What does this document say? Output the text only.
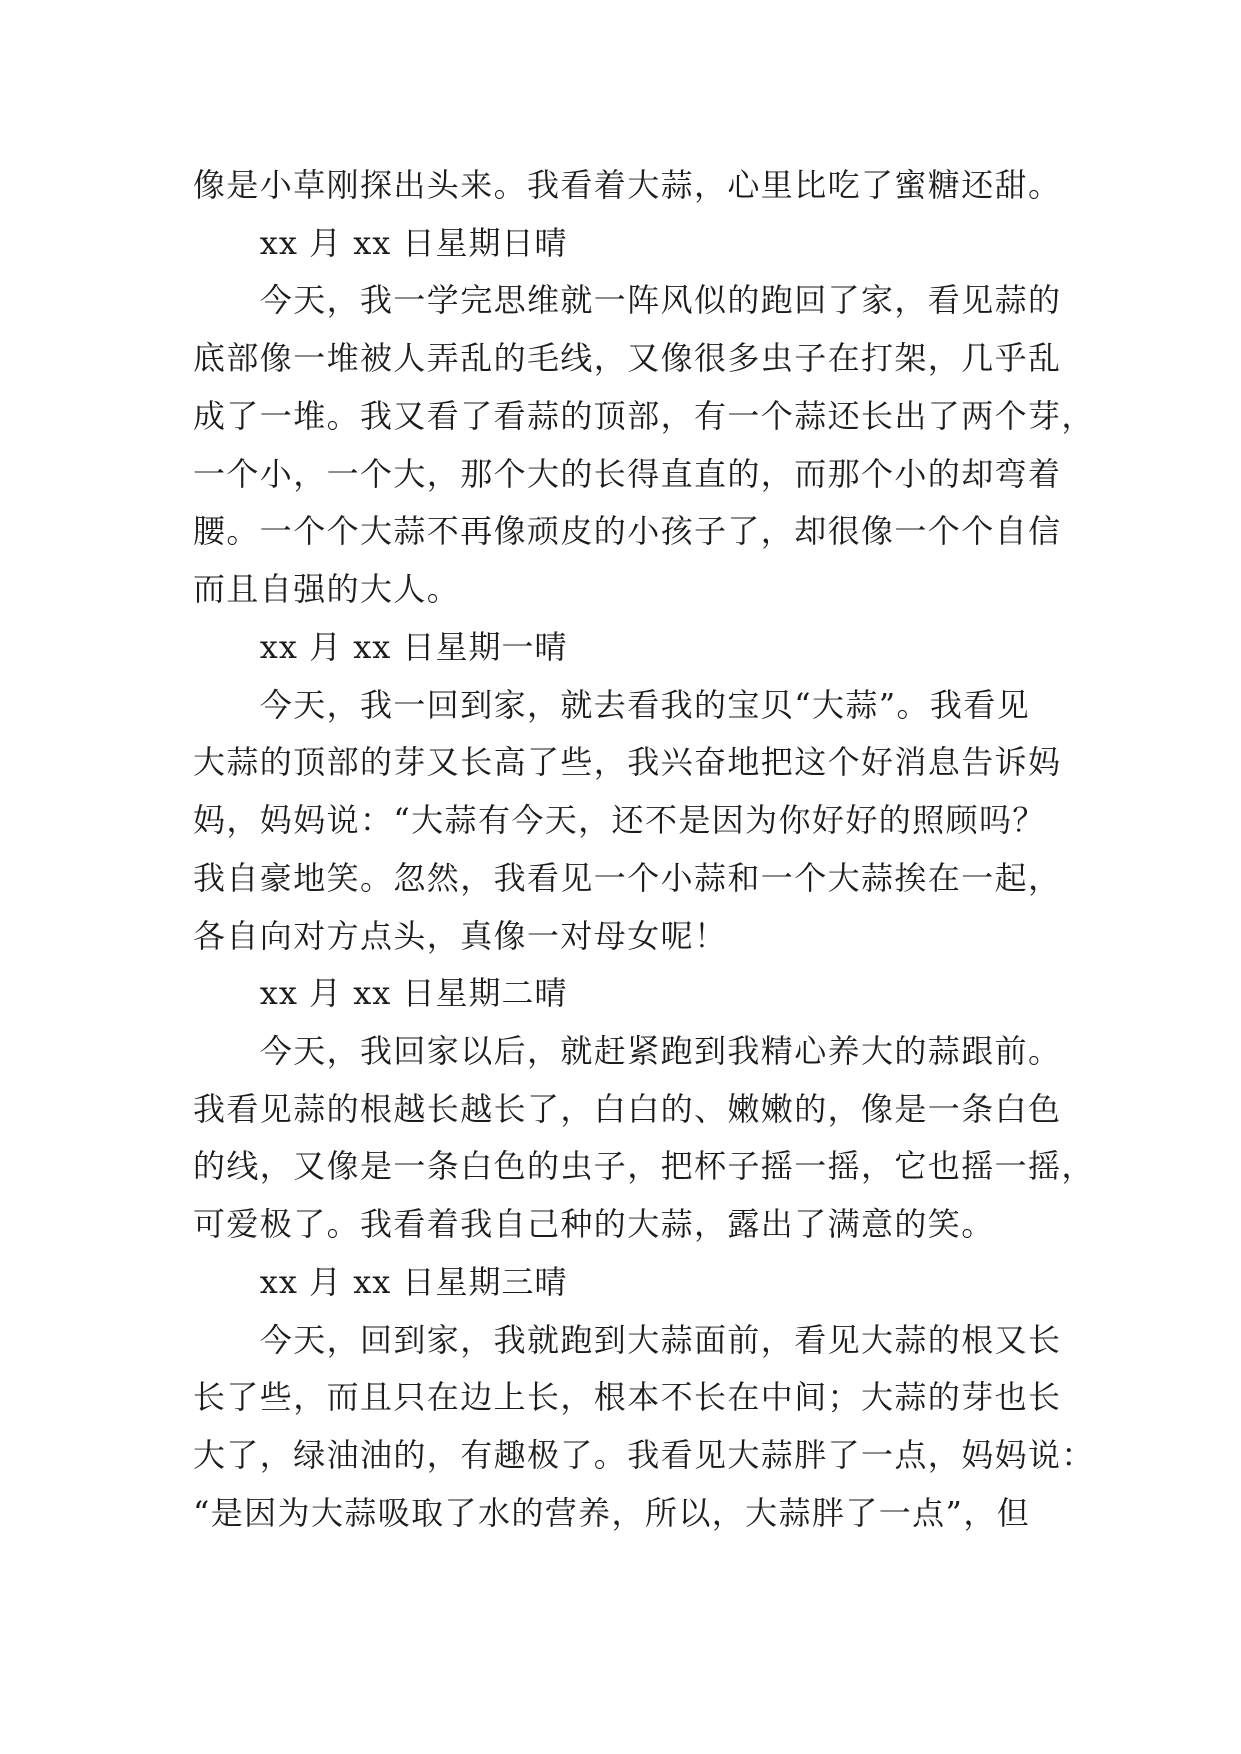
像是小草刚探出头来。我看着大蒜，心里比吃了蜜糖还甜。
xx 月 xx 日星期日晴
今天，我一学完思维就一阵风似的跑回了家，看见蒜的
底部像一堆被人弄乱的毛线，又像很多虫子在打架，几乎乱
成了一堆。我又看了看蒜的顶部，有一个蒜还长出了两个芽，
一个小，一个大，那个大的长得直直的，而那个小的却弯着
腰。一个个大蒜不再像顽皮的小孩子了，却很像一个个自信
而且自强的大人。
xx 月 xx 日星期一晴
今天，我一回到家，就去看我的宝贝“大蒜”。我看见
大蒜的顶部的芽又长高了些，我兴奋地把这个好消息告诉妈
妈，妈妈说：“大蒜有今天，还不是因为你好好的照顾吗？
我自豪地笑。忽然，我看见一个小蒜和一个大蒜挨在一起，
各自向对方点头，真像一对母女呢！
xx 月 xx 日星期二晴
今天，我回家以后，就赶紧跑到我精心养大的蒜跟前。
我看见蒜的根越长越长了，白白的、嫩嫩的，像是一条白色
的线，又像是一条白色的虫子，把杯子摇一摇，它也摇一摇，
可爱极了。我看着我自己种的大蒜，露出了满意的笑。
xx 月 xx 日星期三晴
今天，回到家，我就跑到大蒜面前，看见大蒜的根又长
长了些，而且只在边上长，根本不长在中间；大蒜的芽也长
大了，绿油油的，有趣极了。我看见大蒜胖了一点，妈妈说：
“是因为大蒜吸取了水的营养，所以，大蒜胖了一点”，但
